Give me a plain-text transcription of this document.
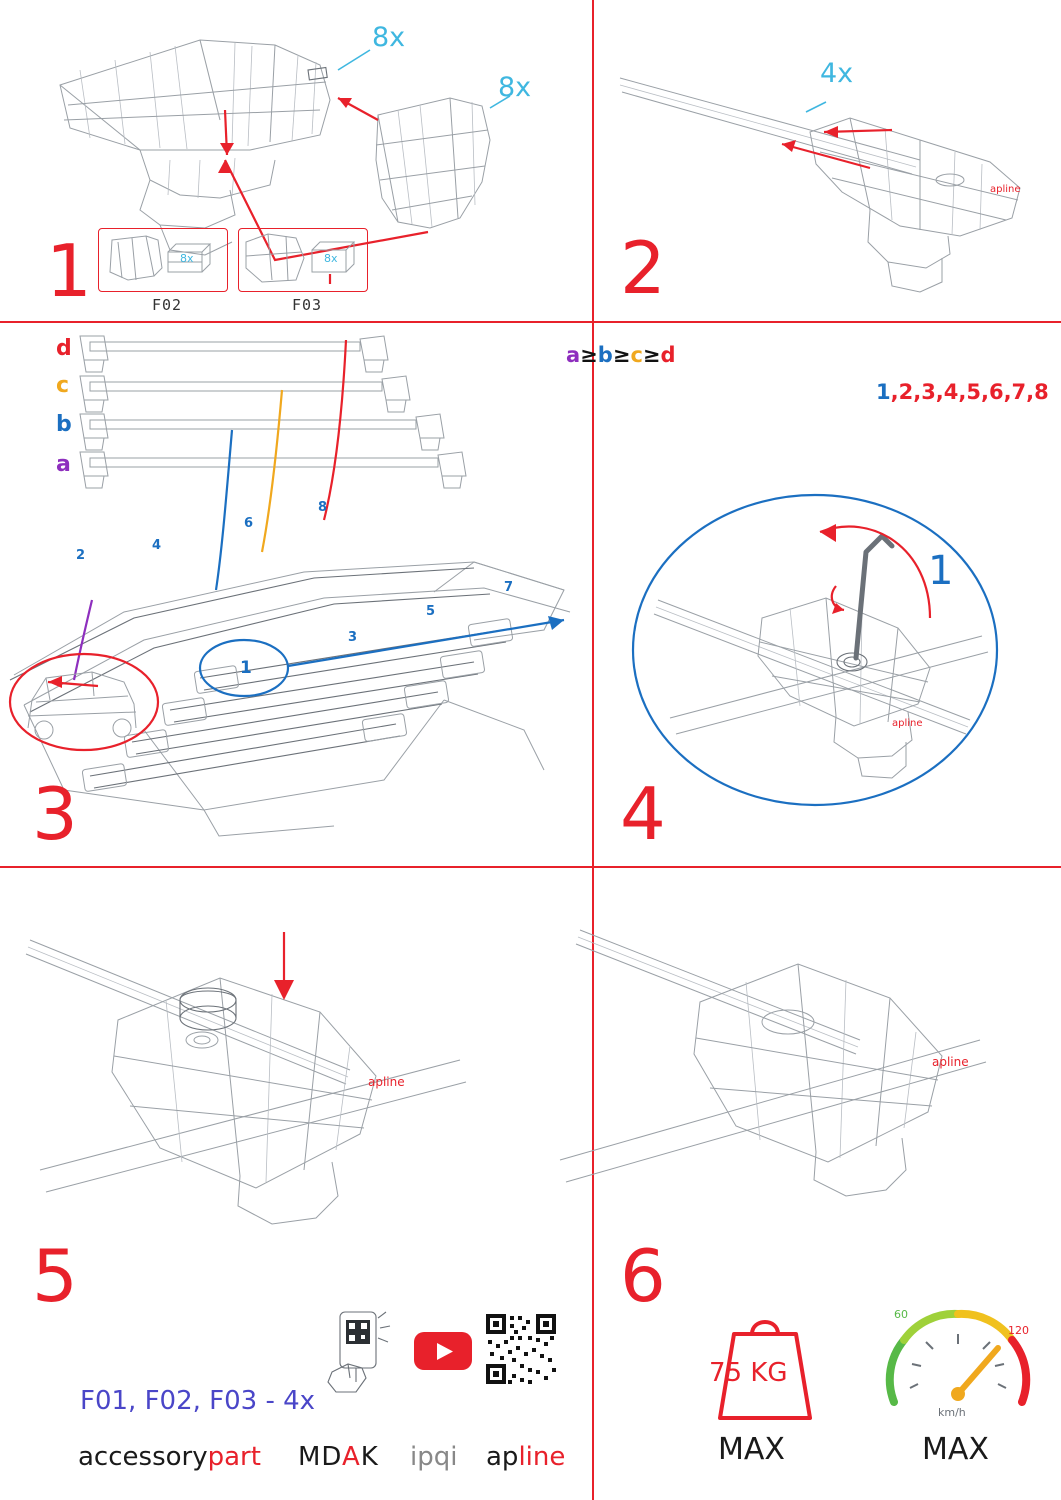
8x
8x
1	8x
F02
8x
F03
apline
4x
2
d
c
b
a
a≥b≥c≥d
2
4
6
8
7
5
3
1
3
1
apline
1,2,3,4,5,6,7,8
4
apline
apline
5	6
F01, F02, F03 - 4x
accessorypart MDAK ipqi apline
75 KG
MAX
60
120
km/h
MAX
